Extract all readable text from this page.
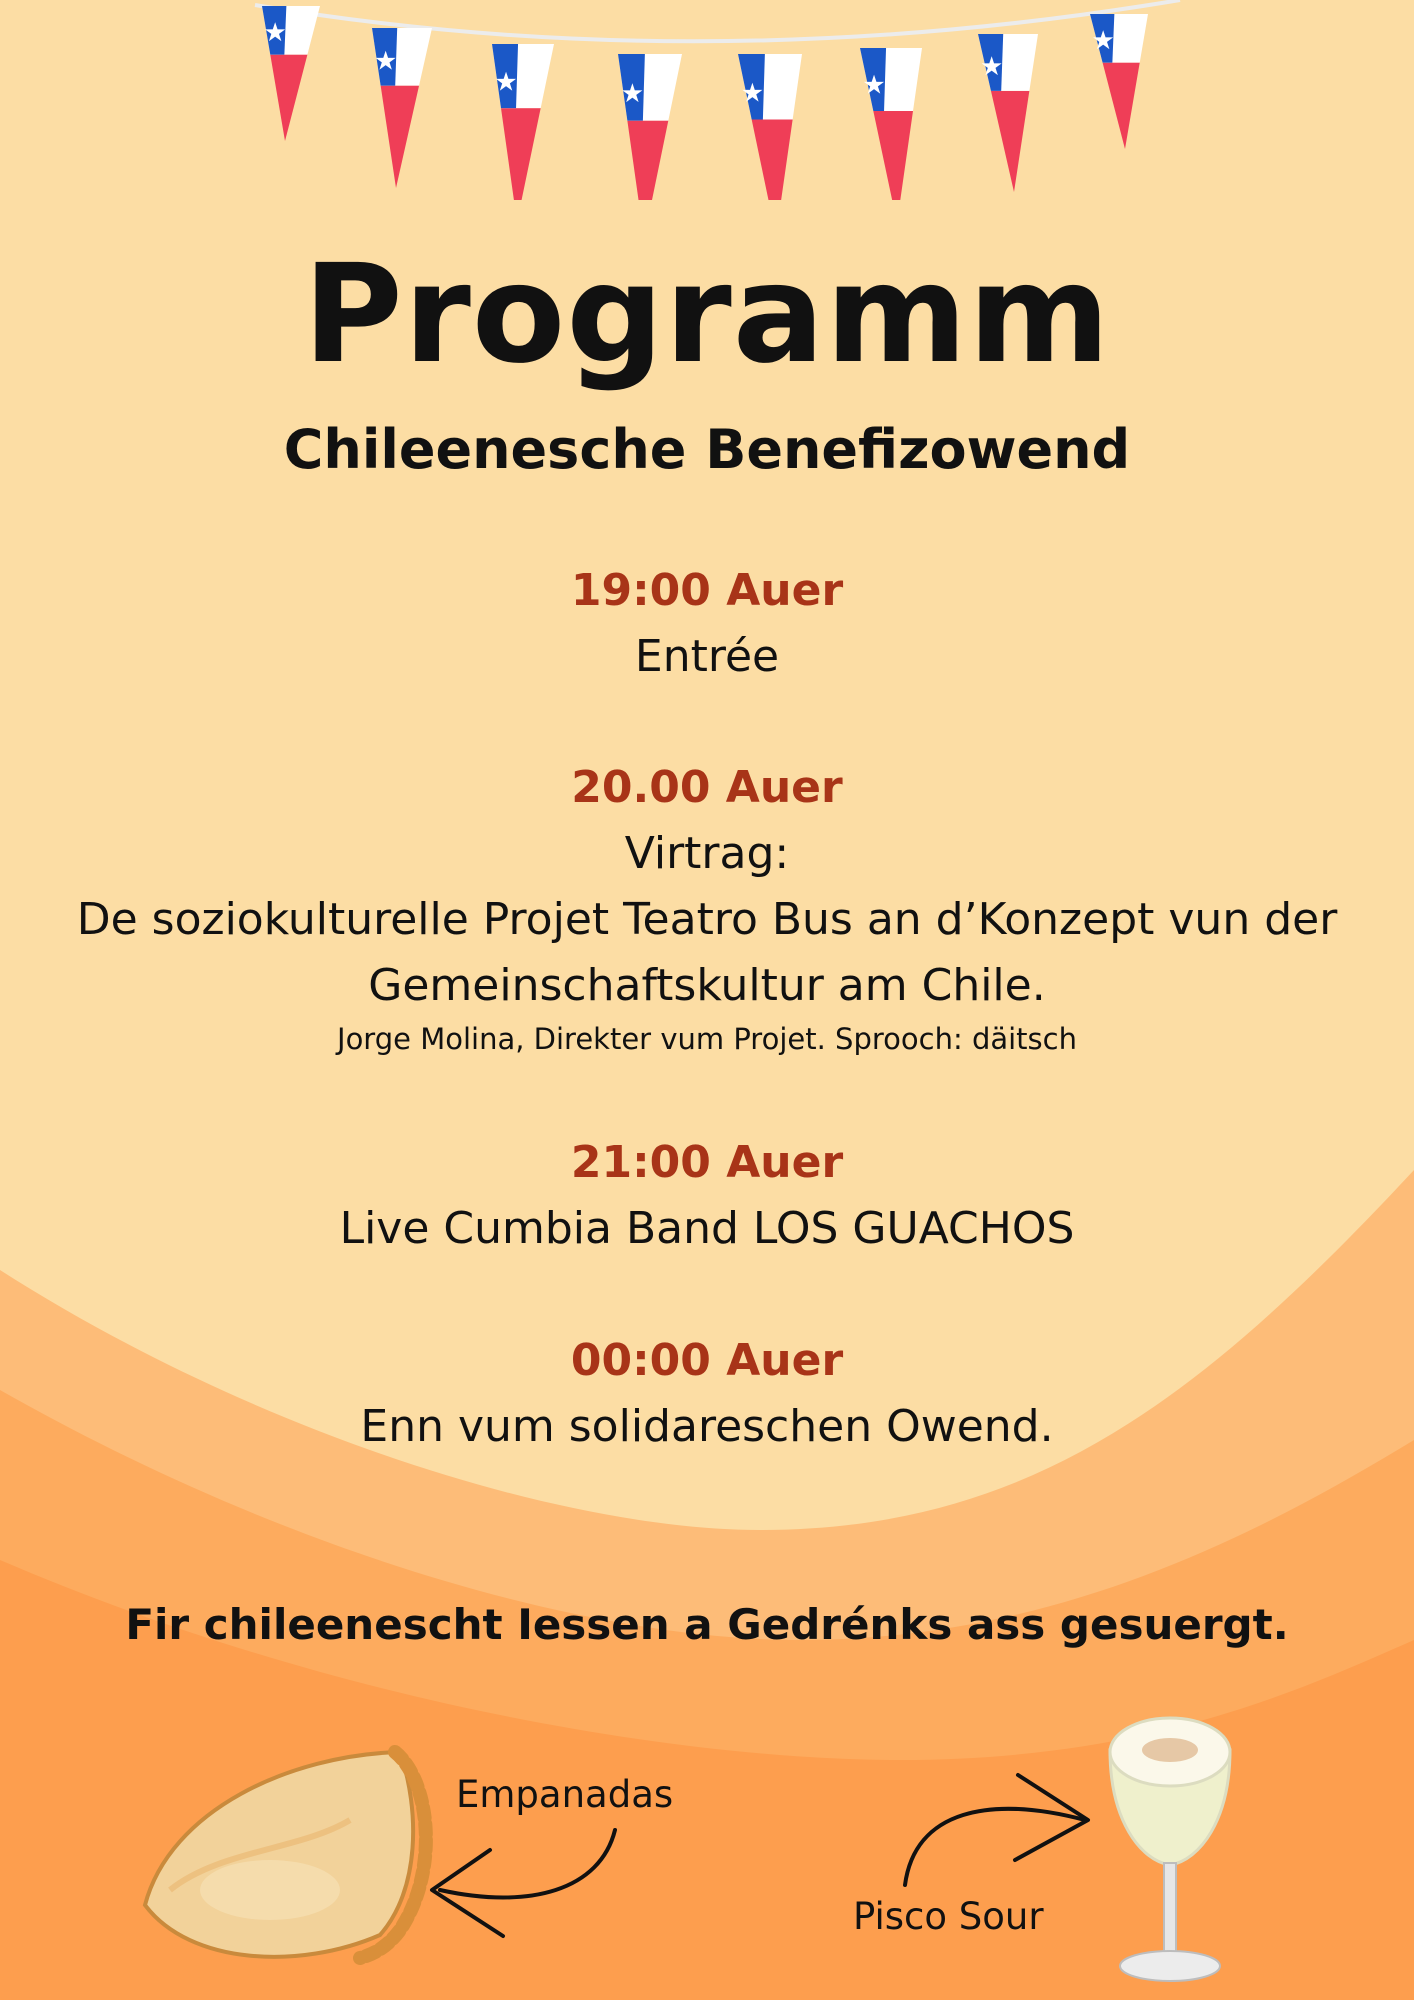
★
★
★	★	★	★
★
★
Programm
Chileenesche Benefizowend
19:00 Auer
Entrée
20.00 Auer
Virtrag:
De soziokulturelle Projet Teatro Bus an d’Konzept vun der
Gemeinschaftskultur am Chile.
Jorge Molina, Direkter vum Projet. Sprooch: däitsch
21:00 Auer
Live Cumbia Band LOS GUACHOS
00:00 Auer
Enn vum solidareschen Owend.
Fir chileenescht Iessen a Gedrénks ass gesuergt.
Empanadas
Pisco Sour
